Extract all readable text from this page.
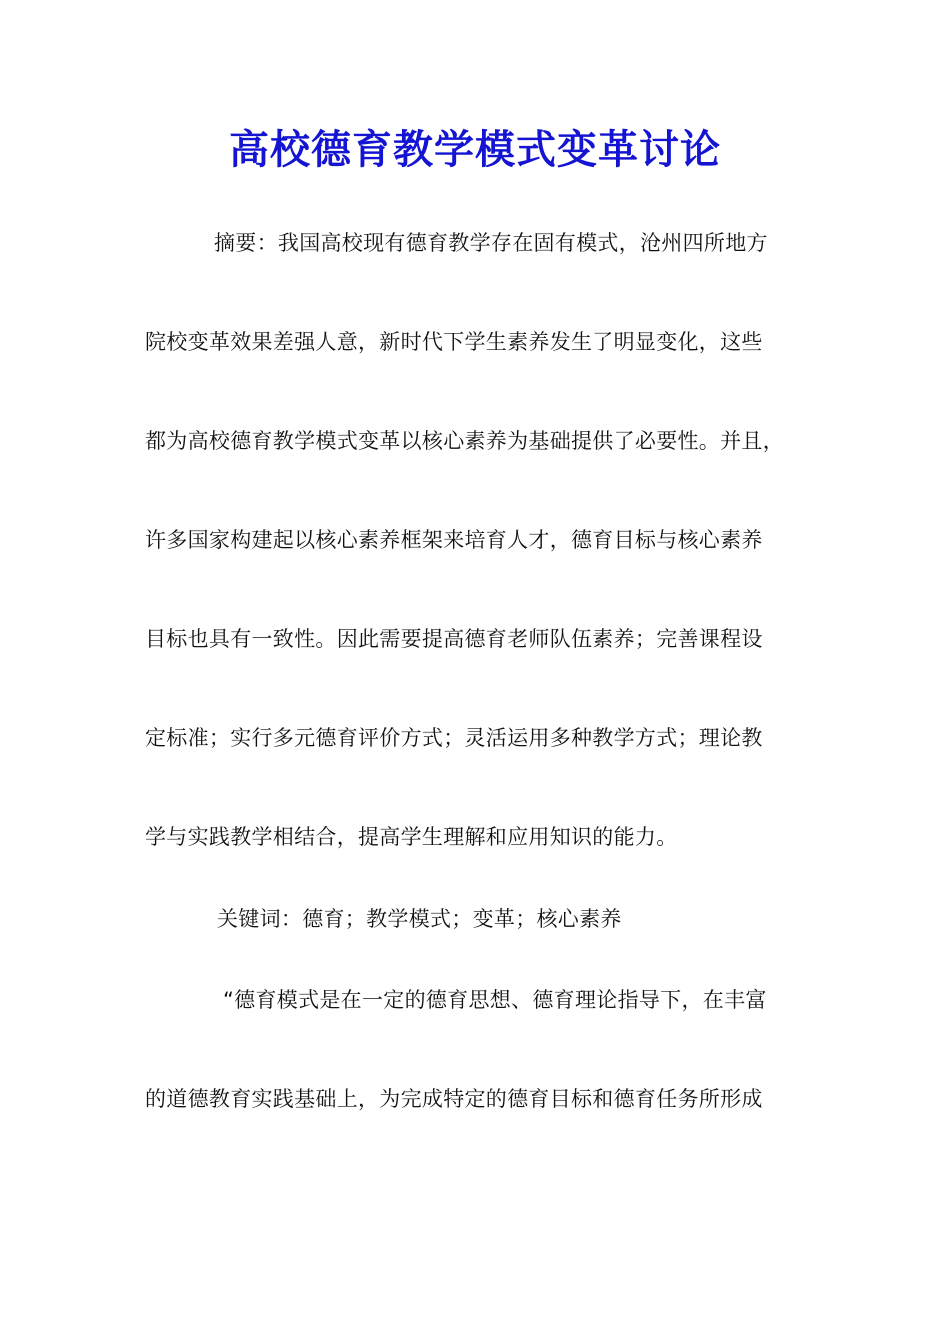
高校德育教学模式变革讨论
摘要：我国高校现有德育教学存在固有模式，沧州四所地方
院校变革效果差强人意，新时代下学生素养发生了明显变化，这些
都为高校德育教学模式变革以核心素养为基础提供了必要性。并且，
许多国家构建起以核心素养框架来培育人才，德育目标与核心素养
目标也具有一致性。因此需要提高德育老师队伍素养；完善课程设
定标准；实行多元德育评价方式；灵活运用多种教学方式；理论教
学与实践教学相结合，提高学生理解和应用知识的能力。
关键词：德育；教学模式；变革；核心素养
“德育模式是在一定的德育思想、德育理论指导下，在丰富
的道德教育实践基础上，为完成特定的德育目标和德育任务所形成
